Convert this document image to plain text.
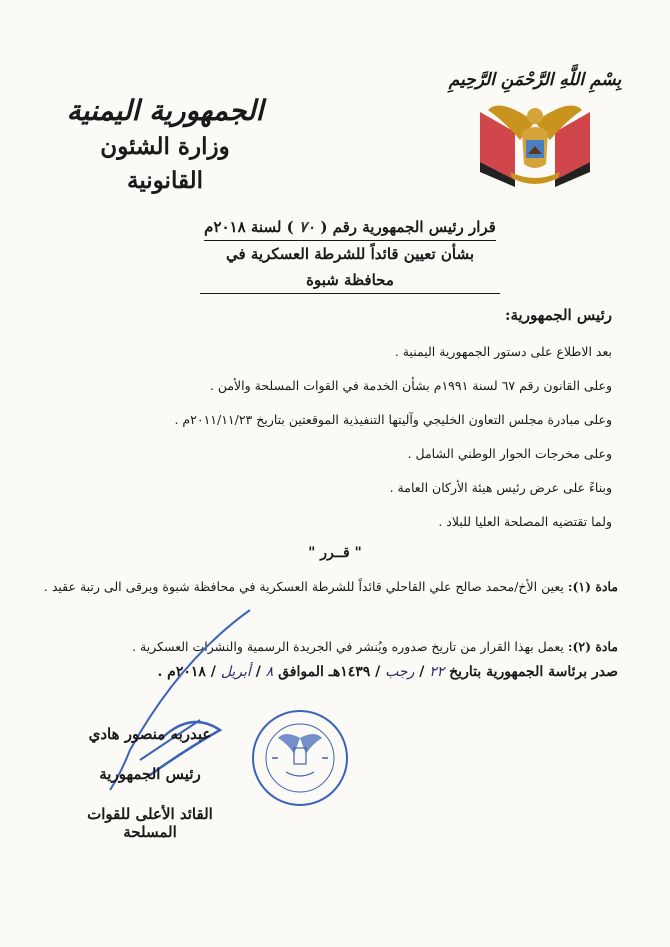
بِسْمِ اللَّهِ الرَّحْمَنِ الرَّحِيمِ
الجمهورية اليمنية
وزارة الشئون القانونية
قرار رئيس الجمهورية رقم ( ٧٠ ) لسنة ٢٠١٨م
بشأن تعيين قائداً للشرطة العسكرية في محافظة شبوة
رئيس الجمهورية:
بعد الاطلاع على دستور الجمهورية اليمنية .
وعلى القانون رقم ٦٧ لسنة ١٩٩١م بشأن الخدمة في القوات المسلحة والأمن .
وعلى مبادرة مجلس التعاون الخليجي وآليتها التنفيذية الموقعتين بتاريخ ٢٠١١/١١/٢٣م .
وعلى مخرجات الحوار الوطني الشامل .
وبناءً على عرض رئيس هيئة الأركان العامة .
ولما تقتضيه المصلحة العليا للبلاد .
" قــرر "
مادة (١): يعين الأخ/محمد صالح علي القاحلي قائداً للشرطة العسكرية في محافظة شبوة ويرقى الى رتبة عقيد .
مادة (٢): يعمل بهذا القرار من تاريخ صدوره ويُنشر في الجريدة الرسمية والنشرات العسكرية .
صدر برئاسة الجمهورية بتاريخ ٢٢ / رجب / ١٤٣٩هـ الموافق ٨ / أبريل / ٢٠١٨م .
عبدربه منصور هادي
رئيس الجمهورية
القائد الأعلى للقوات المسلحة
